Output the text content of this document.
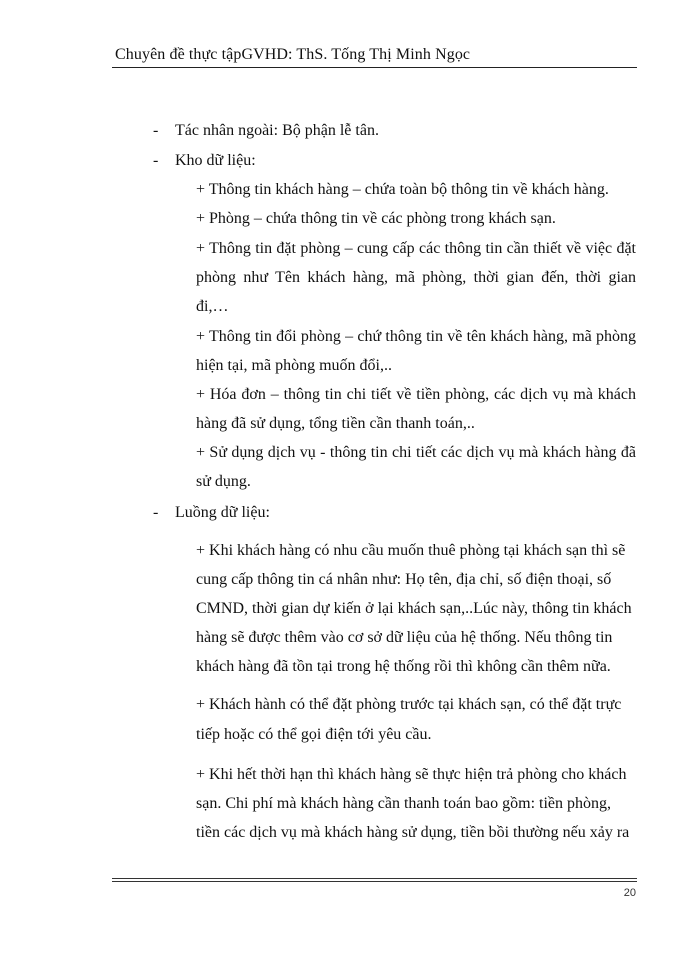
Chuyên đề thực tậpGVHD: ThS. Tống Thị Minh Ngọc
- Tác nhân ngoài: Bộ phận lễ tân.
- Kho dữ liệu:
+ Thông tin khách hàng – chứa toàn bộ thông tin về khách hàng.
+ Phòng – chứa thông tin về các phòng trong khách sạn.
+ Thông tin đặt phòng – cung cấp các thông tin cần thiết về việc đặt
phòng như Tên khách hàng, mã phòng, thời gian đến, thời gian
đi,…
+ Thông tin đổi phòng – chứ thông tin về tên khách hàng, mã phòng
hiện tại, mã phòng muốn đổi,..
+ Hóa đơn – thông tin chi tiết về tiền phòng, các dịch vụ mà khách
hàng đã sử dụng, tổng tiền cần thanh toán,..
+ Sử dụng dịch vụ - thông tin chi tiết các dịch vụ mà khách hàng đã
sử dụng.
- Luồng dữ liệu:
+ Khi khách hàng có nhu cầu muốn thuê phòng tại khách sạn thì sẽ
cung cấp thông tin cá nhân như: Họ tên, địa chỉ, số điện thoại, số
CMND, thời gian dự kiến ở lại khách sạn,..Lúc này, thông tin khách
hàng sẽ được thêm vào cơ sở dữ liệu của hệ thống. Nếu thông tin
khách hàng đã tồn tại trong hệ thống rồi thì không cần thêm nữa.
+ Khách hành có thể đặt phòng trước tại khách sạn, có thể đặt trực
tiếp hoặc có thể gọi điện tới yêu cầu.
+ Khi hết thời hạn thì khách hàng sẽ thực hiện trả phòng cho khách
sạn. Chi phí mà khách hàng cần thanh toán bao gồm: tiền phòng,
tiền các dịch vụ mà khách hàng sử dụng, tiền bồi thường nếu xảy ra
20
